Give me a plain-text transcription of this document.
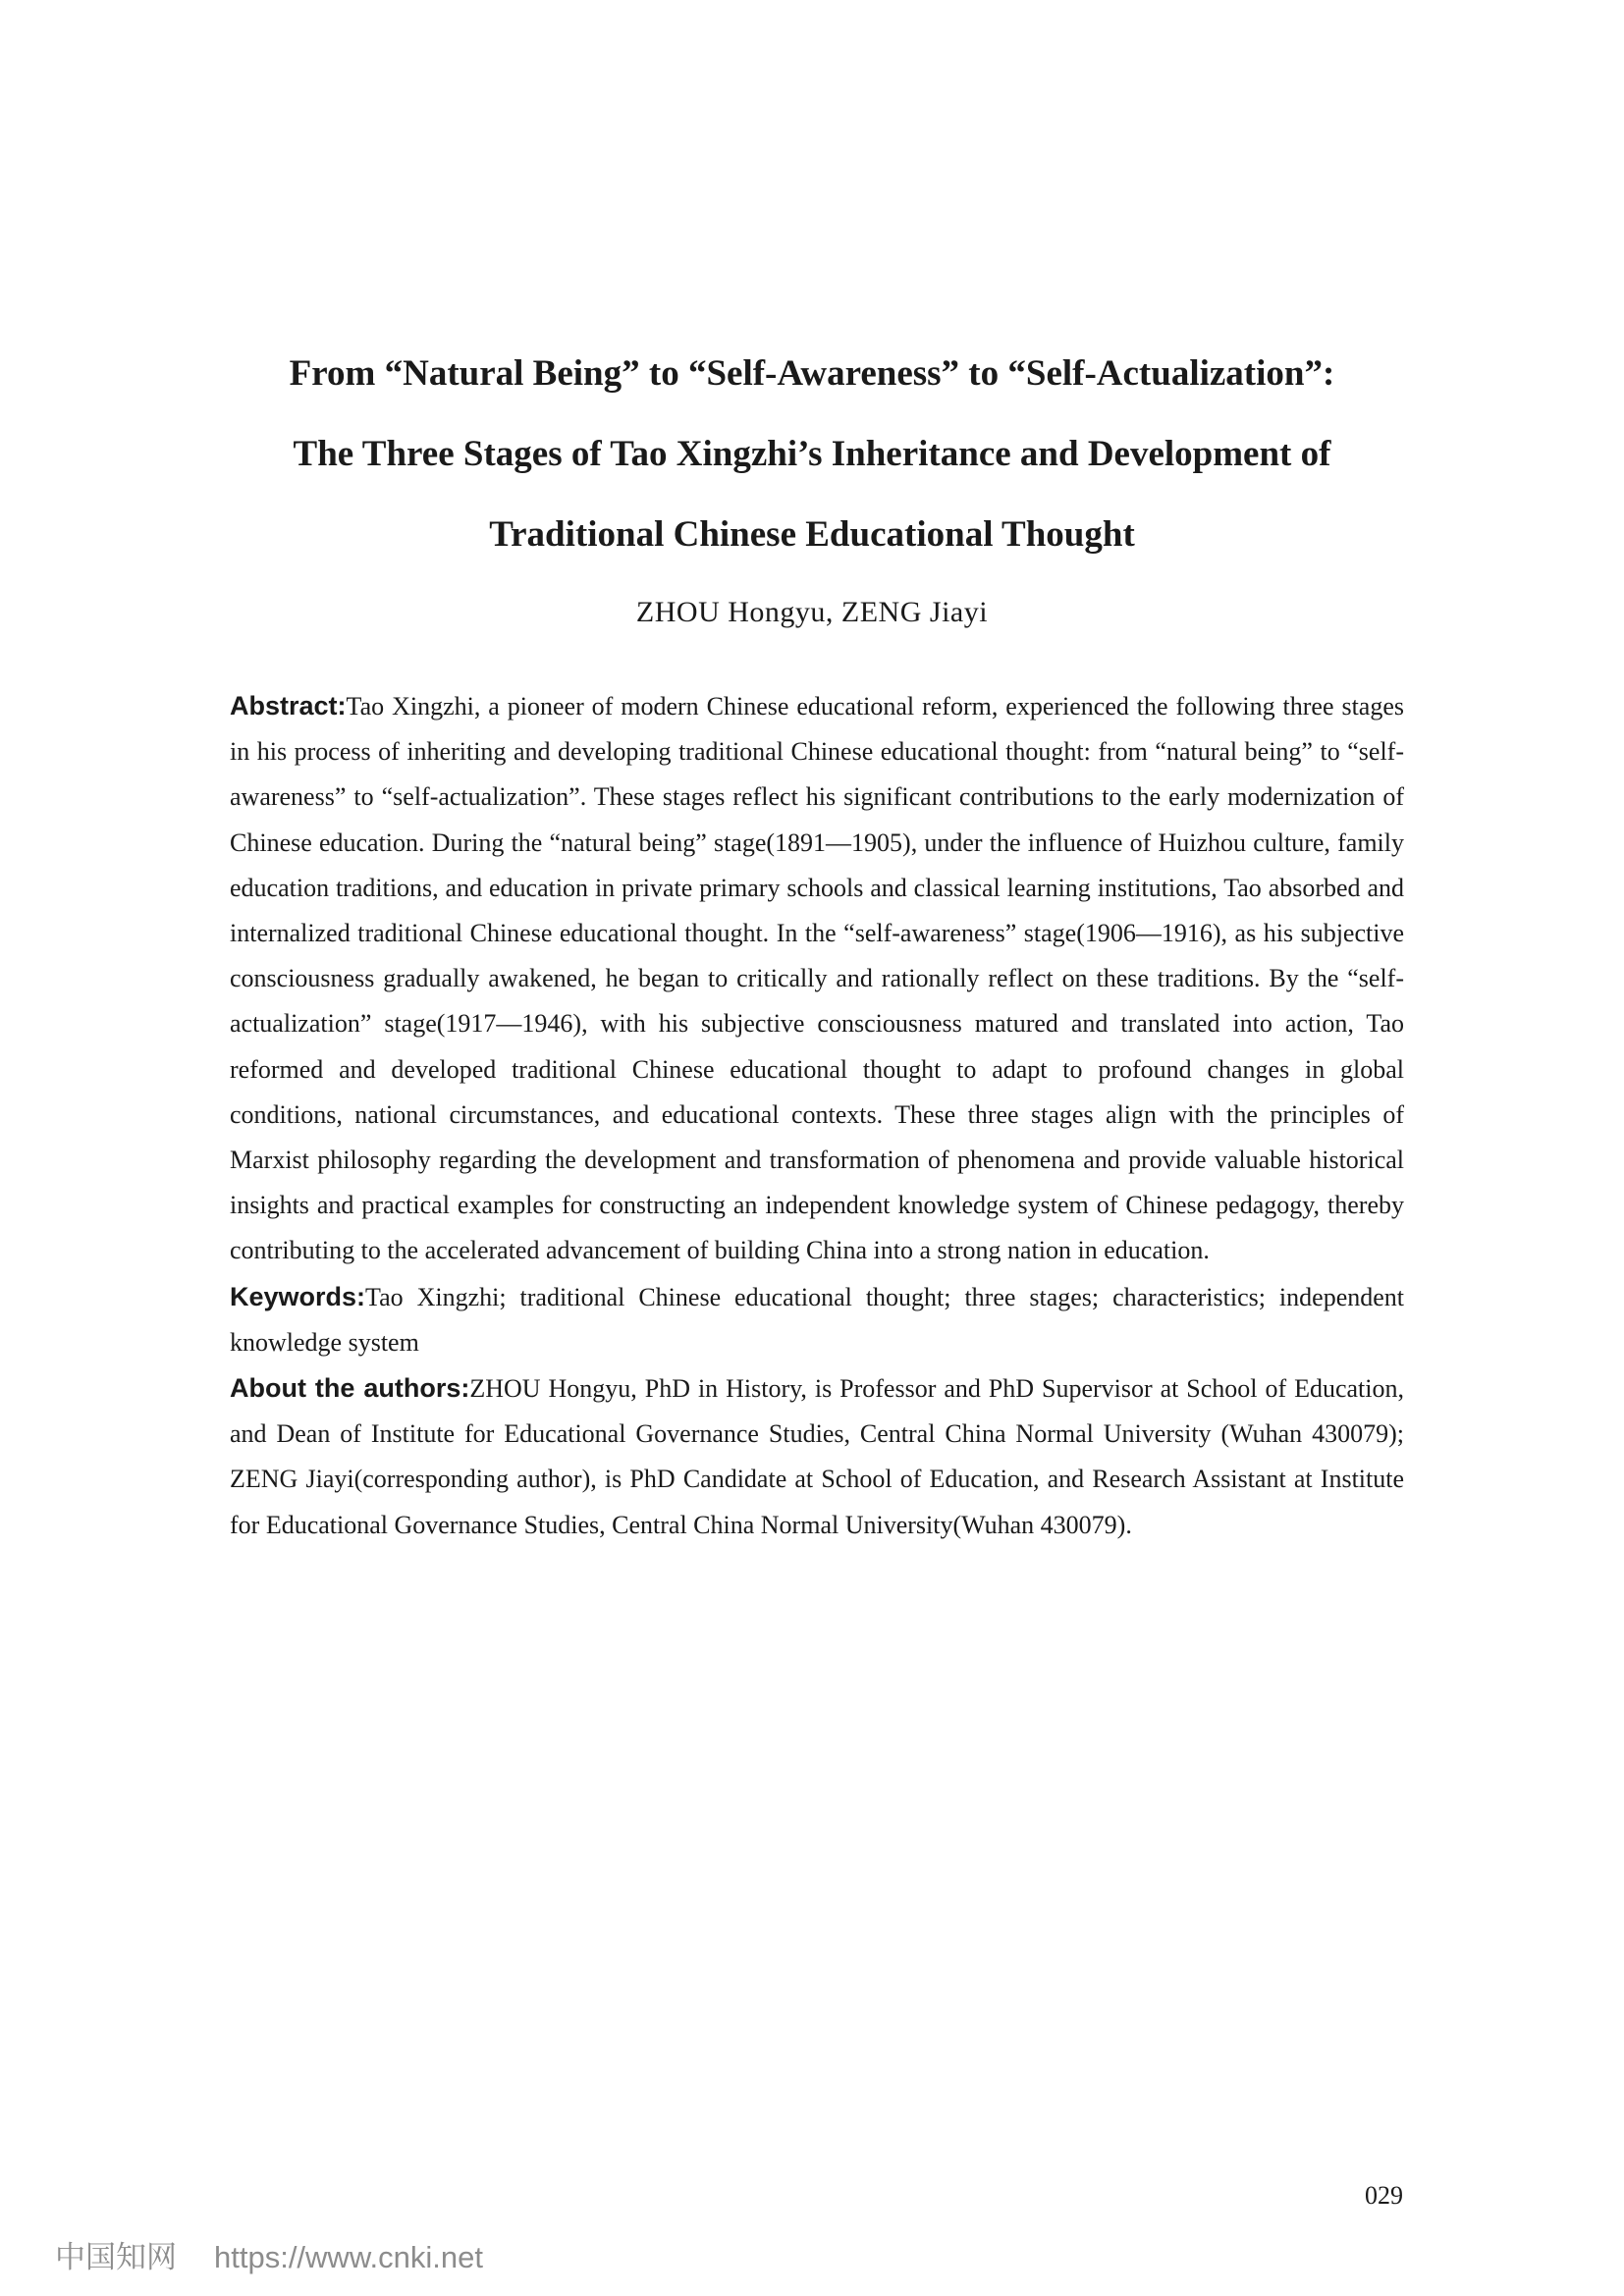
From “Natural Being” to “Self-Awareness” to “Self-Actualization”:

The Three Stages of Tao Xingzhi’s Inheritance and Development of

Traditional Chinese Educational Thought

ZHOU Hongyu, ZENG Jiayi

Abstract:Tao Xingzhi, a pioneer of modern Chinese educational reform, experienced the following three stages in his process of inheriting and developing traditional Chinese educational thought: from “natural being” to “self-awareness” to “self-actualization”. These stages reflect his significant contributions to the early modernization of Chinese education. During the “natural being” stage(1891—1905), under the influence of Huizhou culture, family education traditions, and education in private primary schools and classical learning institutions, Tao absorbed and internalized traditional Chinese educational thought. In the “self-awareness” stage(1906—1916), as his subjective consciousness gradually awakened, he began to critically and rationally reflect on these traditions. By the “self-actualization” stage(1917—1946), with his subjective consciousness matured and translated into action, Tao reformed and developed traditional Chinese educational thought to adapt to profound changes in global conditions, national circumstances, and educational contexts. These three stages align with the principles of Marxist philosophy regarding the development and transformation of phenomena and provide valuable historical insights and practical examples for constructing an independent knowledge system of Chinese pedagogy, thereby contributing to the accelerated advancement of building China into a strong nation in education.

Keywords:Tao Xingzhi; traditional Chinese educational thought; three stages; characteristics; independent knowledge system

About the authors:ZHOU Hongyu, PhD in History, is Professor and PhD Supervisor at School of Education, and Dean of Institute for Educational Governance Studies, Central China Normal University (Wuhan 430079); ZENG Jiayi(corresponding author), is PhD Candidate at School of Education, and Research Assistant at Institute for Educational Governance Studies, Central China Normal University(Wuhan 430079).

029
中国知网 https://www.cnki.net
